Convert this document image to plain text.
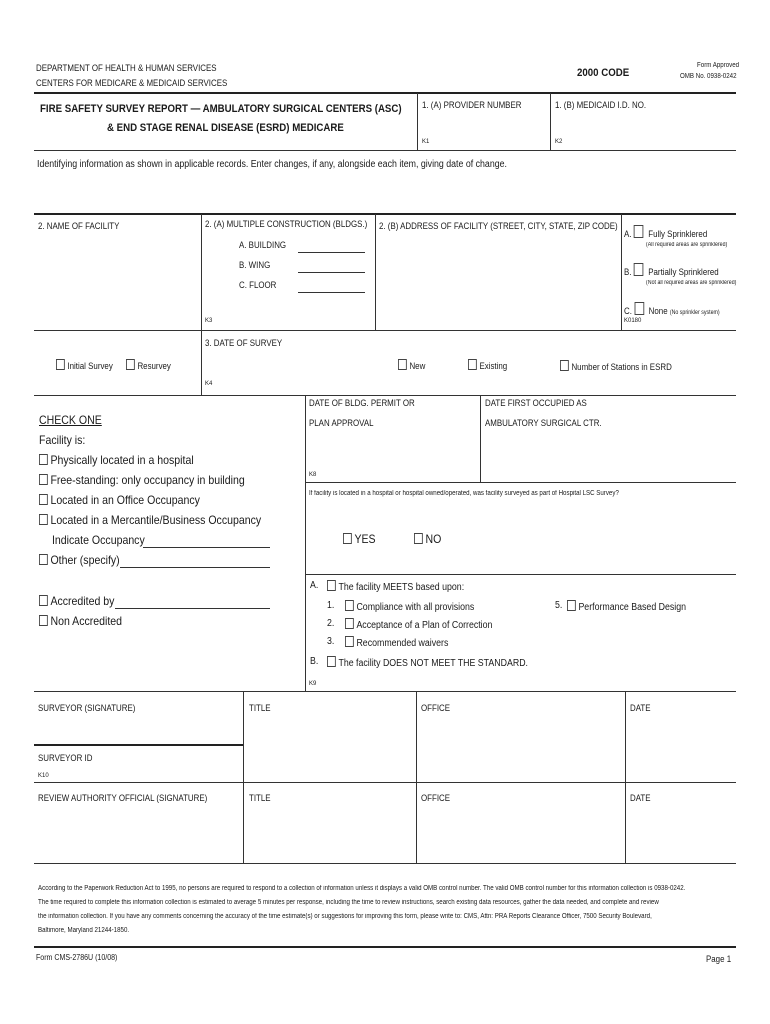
DEPARTMENT OF HEALTH & HUMAN SERVICES
CENTERS FOR MEDICARE & MEDICAID SERVICES
2000 CODE
Form Approved
OMB No. 0938-0242
FIRE SAFETY SURVEY REPORT — AMBULATORY SURGICAL CENTERS (ASC)
& END STAGE RENAL DISEASE (ESRD) MEDICARE
1. (A) PROVIDER NUMBER
K1
1. (B) MEDICAID I.D. NO.
K2
Identifying information as shown in applicable records. Enter changes, if any, alongside each item, giving date of change.
2. NAME OF FACILITY	2. (A) MULTIPLE CONSTRUCTION (BLDGS.)
A. BUILDING
B. WING
C. FLOOR
K3
2. (B) ADDRESS OF FACILITY (STREET, CITY, STATE, ZIP CODE)
A. Fully Sprinklered
(All required areas are sprinklered)
B. Partially Sprinklered
(Not all required areas are sprinklered)
C. None (No sprinkler system)
K0180
3. DATE OF SURVEY
Initial Survey	Resurvey
K4
New	Existing	Number of Stations in ESRD
CHECK ONE
Facility is:
Physically located in a hospital
Free-standing: only occupancy in building
Located in an Office Occupancy
Located in a Mercantile/Business Occupancy
Indicate Occupancy
Other (specify)
Accredited by
Non Accredited
DATE OF BLDG. PERMIT OR
PLAN APPROVAL
DATE FIRST OCCUPIED AS
AMBULATORY SURGICAL CTR.
K8
If facility is located in a hospital or hospital owned/operated, was facility surveyed as part of Hospital LSC Survey?
YES	NO
A.	The facility MEETS based upon:
1.	Compliance with all provisions
2.	Acceptance of a Plan of Correction
3.	Recommended waivers
5.	Performance Based Design
B.	The facility DOES NOT MEET THE STANDARD.
K9
SURVEYOR (SIGNATURE)	TITLE	OFFICE	DATE
SURVEYOR ID
K10
REVIEW AUTHORITY OFFICIAL (SIGNATURE)	TITLE	OFFICE	DATE
According to the Paperwork Reduction Act to 1995, no persons are required to respond to a collection of information unless it displays a valid OMB control number. The valid OMB control number for this information collection is 0938-0242.
The time required to complete this information collection is estimated to average 5 minutes per response, including the time to review instructions, search existing data resources, gather the data needed, and complete and review
the information collection. If you have any comments concerning the accuracy of the time estimate(s) or suggestions for improving this form, please write to: CMS, Attn: PRA Reports Clearance Officer, 7500 Security Boulevard,
Baltimore, Maryland 21244-1850.
Form CMS-2786U (10/08)	Page 1
